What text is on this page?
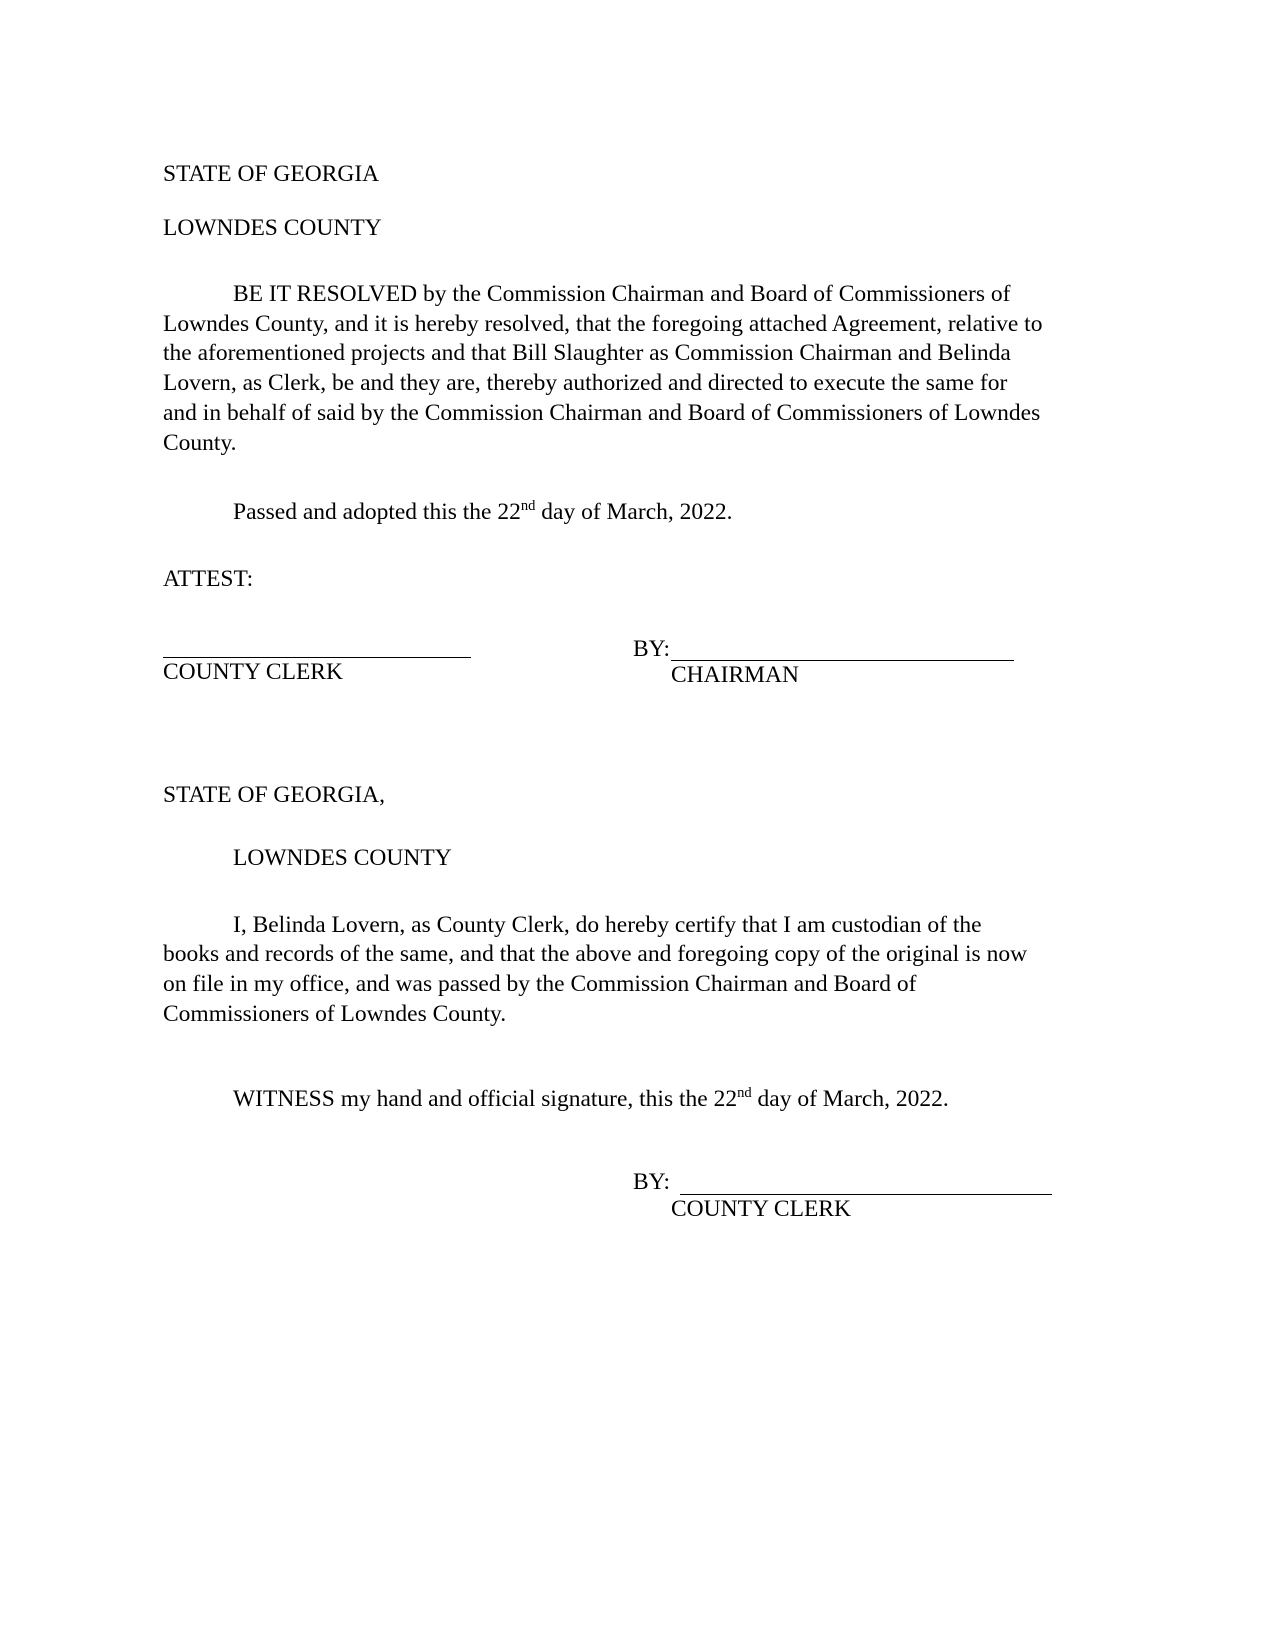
STATE OF GEORGIA
LOWNDES COUNTY
BE IT RESOLVED by the Commission Chairman and Board of Commissioners of Lowndes County, and it is hereby resolved, that the foregoing attached Agreement, relative to the aforementioned projects and that Bill Slaughter as Commission Chairman and Belinda Lovern, as Clerk, be and they are, thereby authorized and directed to execute the same for and in behalf of said by the Commission Chairman and Board of Commissioners of Lowndes County.
Passed and adopted this the 22nd day of March, 2022.
ATTEST:
COUNTY CLERK
BY:
CHAIRMAN
STATE OF GEORGIA,
LOWNDES COUNTY
I, Belinda Lovern, as County Clerk, do hereby certify that I am custodian of the books and records of the same, and that the above and foregoing copy of the original is now on file in my office, and was passed by the Commission Chairman and Board of Commissioners of Lowndes County.
WITNESS my hand and official signature, this the 22nd day of March, 2022.
BY:
COUNTY CLERK
